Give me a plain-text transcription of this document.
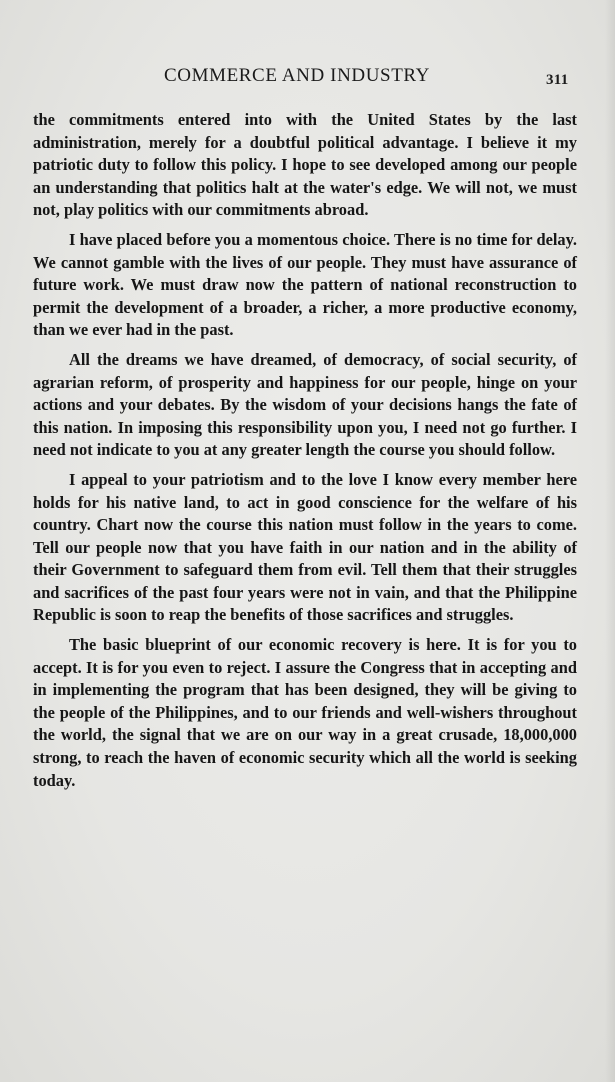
COMMERCE AND INDUSTRY	311

the commitments entered into with the United States by the last administration, merely for a doubtful political advantage. I believe it my patriotic duty to follow this policy. I hope to see developed among our people an understanding that politics halt at the water's edge. We will not, we must not, play politics with our commitments abroad.

I have placed before you a momentous choice. There is no time for delay. We cannot gamble with the lives of our people. They must have assurance of future work. We must draw now the pattern of national reconstruction to permit the development of a broader, a richer, a more productive economy, than we ever had in the past.

All the dreams we have dreamed, of democracy, of social security, of agrarian reform, of prosperity and happiness for our people, hinge on your actions and your debates. By the wisdom of your decisions hangs the fate of this nation. In imposing this responsibility upon you, I need not go further. I need not indicate to you at any greater length the course you should follow.

I appeal to your patriotism and to the love I know every member here holds for his native land, to act in good conscience for the welfare of his country. Chart now the course this nation must follow in the years to come. Tell our people now that you have faith in our nation and in the ability of their Government to safeguard them from evil. Tell them that their struggles and sacrifices of the past four years were not in vain, and that the Philippine Republic is soon to reap the benefits of those sacrifices and struggles.

The basic blueprint of our economic recovery is here. It is for you to accept. It is for you even to reject. I assure the Congress that in accepting and in implementing the program that has been designed, they will be giving to the people of the Philippines, and to our friends and well-wishers throughout the world, the signal that we are on our way in a great crusade, 18,000,000 strong, to reach the haven of economic security which all the world is seeking today.
